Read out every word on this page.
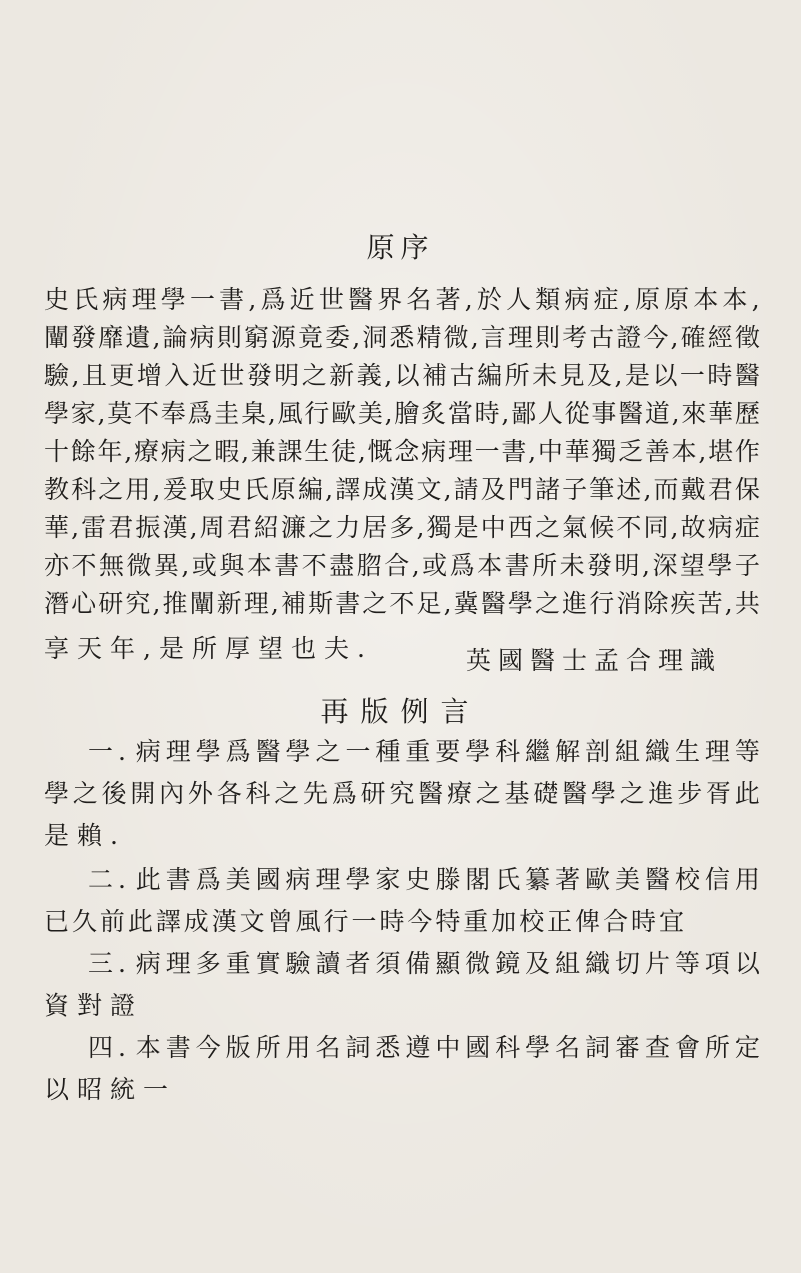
原序
史 氏 病 理 學 一 書 , 爲 近 世 醫 界 名 著 , 於 人 類 病 症 , 原 原 本 本 ,
闡 發 靡 遺 , 論 病 則 窮 源 竟 委 , 洞 悉 精 微 , 言 理 則 考 古 證 今 , 確 經 徵
驗 , 且 更 增 入 近 世 發 明 之 新 義 , 以 補 古 編 所 未 見 及 , 是 以 一 時 醫
學 家 , 莫 不 奉 爲 圭 臬 , 風 行 歐 美 , 膾 炙 當 時 , 鄙 人 從 事 醫 道 , 來 華 歷
十 餘 年 , 療 病 之 暇 , 兼 課 生 徒 , 慨 念 病 理 一 書 , 中 華 獨 乏 善 本 , 堪 作
教 科 之 用 , 爰 取 史 氏 原 編 , 譯 成 漢 文 , 請 及 門 諸 子 筆 述 , 而 戴 君 保
華 , 雷 君 振 漢 , 周 君 紹 濂 之 力 居 多 , 獨 是 中 西 之 氣 候 不 同 , 故 病 症
亦 不 無 微 異 , 或 與 本 書 不 盡 脗 合 , 或 爲 本 書 所 未 發 明 , 深 望 學 子
潛 心 研 究 , 推 闡 新 理 , 補 斯 書 之 不 足 , 冀 醫 學 之 進 行 消 除 疾 苦 , 共
享天年,是所厚望也夫.	英國醫士孟合理識
再版例言
一 . 病 理 學 爲 醫 學 之 一 種 重 要 學 科 繼 解 剖 組 織 生 理 等
學 之 後 開 內 外 各 科 之 先 爲 研 究 醫 療 之 基 礎 醫 學 之 進 步 胥 此
是賴.
二 . 此 書 爲 美 國 病 理 學 家 史 滕 閣 氏 纂 著 歐 美 醫 校 信 用
已 久 前 此 譯 成 漢 文 曾 風 行 一 時 今 特 重 加 校 正 俾 合 時 宜
三 . 病 理 多 重 實 驗 讀 者 須 備 顯 微 鏡 及 組 織 切 片 等 項 以
資對證
四 . 本 書 今 版 所 用 名 詞 悉 遵 中 國 科 學 名 詞 審 查 會 所 定
以昭統一
